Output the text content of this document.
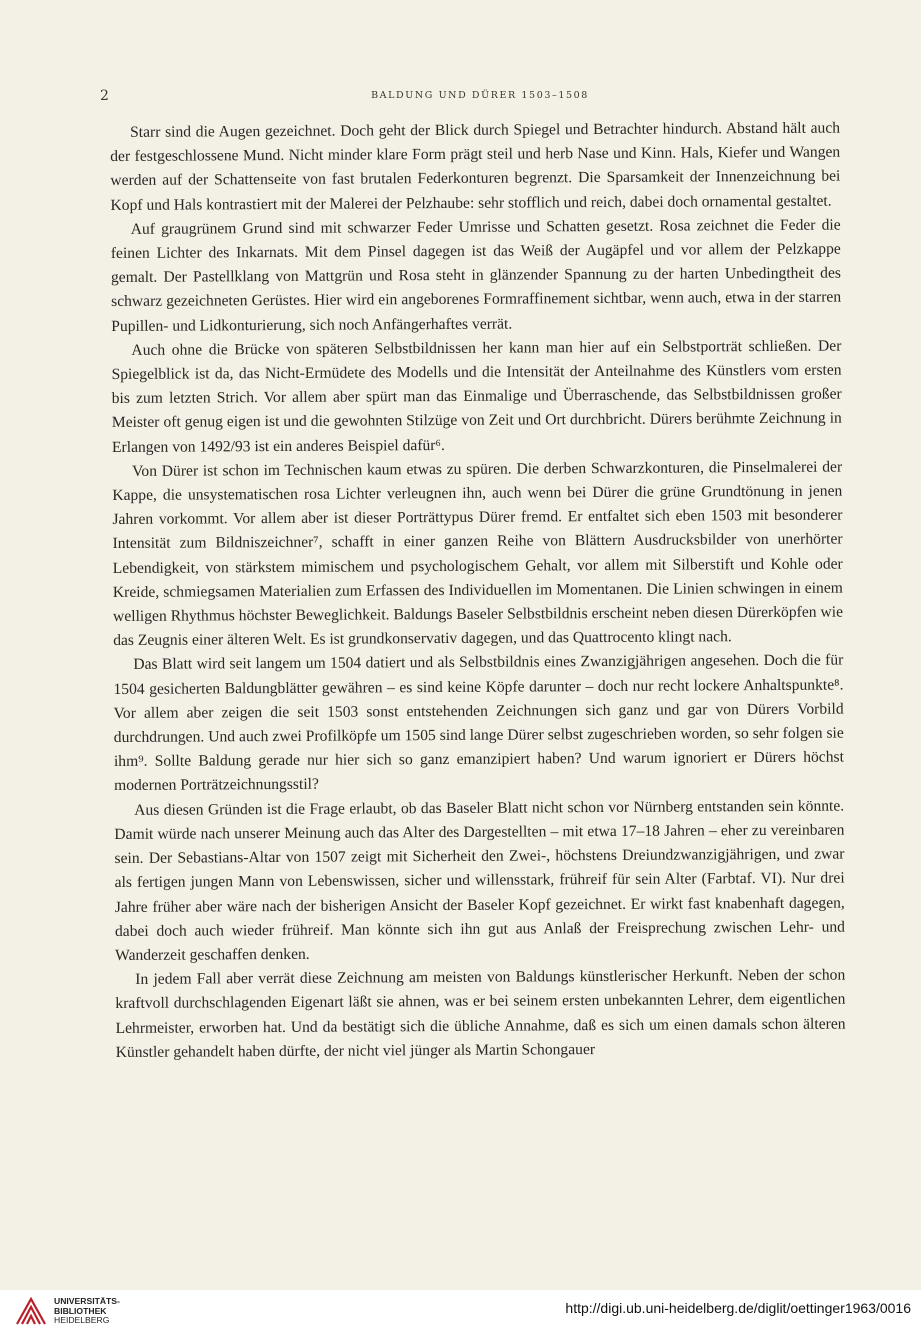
2	BALDUNG UND DÜRER 1503–1508

Starr sind die Augen gezeichnet. Doch geht der Blick durch Spiegel und Betrachter hindurch. Abstand hält auch der festgeschlossene Mund. Nicht minder klare Form prägt steil und herb Nase und Kinn. Hals, Kiefer und Wangen werden auf der Schattenseite von fast brutalen Federkonturen begrenzt. Die Sparsamkeit der Innenzeichnung bei Kopf und Hals kontrastiert mit der Malerei der Pelzhaube: sehr stofflich und reich, dabei doch ornamental gestaltet.

Auf graugrünem Grund sind mit schwarzer Feder Umrisse und Schatten gesetzt. Rosa zeichnet die Feder die feinen Lichter des Inkarnats. Mit dem Pinsel dagegen ist das Weiß der Augäpfel und vor allem der Pelzkappe gemalt. Der Pastellklang von Mattgrün und Rosa steht in glänzender Spannung zu der harten Unbedingtheit des schwarz gezeichneten Gerüstes. Hier wird ein angeborenes Formraffinement sichtbar, wenn auch, etwa in der starren Pupillen- und Lidkonturierung, sich noch Anfängerhaftes verrät.

Auch ohne die Brücke von späteren Selbstbildnissen her kann man hier auf ein Selbstporträt schließen. Der Spiegelblick ist da, das Nicht-Ermüdete des Modells und die Intensität der Anteilnahme des Künstlers vom ersten bis zum letzten Strich. Vor allem aber spürt man das Einmalige und Überraschende, das Selbstbildnissen großer Meister oft genug eigen ist und die gewohnten Stilzüge von Zeit und Ort durchbricht. Dürers berühmte Zeichnung in Erlangen von 1492/93 ist ein anderes Beispiel dafür⁶.

Von Dürer ist schon im Technischen kaum etwas zu spüren. Die derben Schwarzkonturen, die Pinselmalerei der Kappe, die unsystematischen rosa Lichter verleugnen ihn, auch wenn bei Dürer die grüne Grundtönung in jenen Jahren vorkommt. Vor allem aber ist dieser Porträttypus Dürer fremd. Er entfaltet sich eben 1503 mit besonderer Intensität zum Bildniszeichner⁷, schafft in einer ganzen Reihe von Blättern Ausdrucksbilder von unerhörter Lebendigkeit, von stärkstem mimischem und psychologischem Gehalt, vor allem mit Silberstift und Kohle oder Kreide, schmiegsamen Materialien zum Erfassen des Individuellen im Momentanen. Die Linien schwingen in einem welligen Rhythmus höchster Beweglichkeit. Baldungs Baseler Selbstbildnis erscheint neben diesen Dürerköpfen wie das Zeugnis einer älteren Welt. Es ist grundkonservativ dagegen, und das Quattrocento klingt nach.

Das Blatt wird seit langem um 1504 datiert und als Selbstbildnis eines Zwanzigjährigen angesehen. Doch die für 1504 gesicherten Baldungblätter gewähren – es sind keine Köpfe darunter – doch nur recht lockere Anhaltspunkte⁸. Vor allem aber zeigen die seit 1503 sonst entstehenden Zeichnungen sich ganz und gar von Dürers Vorbild durchdrungen. Und auch zwei Profilköpfe um 1505 sind lange Dürer selbst zugeschrieben worden, so sehr folgen sie ihm⁹. Sollte Baldung gerade nur hier sich so ganz emanzipiert haben? Und warum ignoriert er Dürers höchst modernen Porträtzeichnungsstil?

Aus diesen Gründen ist die Frage erlaubt, ob das Baseler Blatt nicht schon vor Nürnberg entstanden sein könnte. Damit würde nach unserer Meinung auch das Alter des Dargestellten – mit etwa 17–18 Jahren – eher zu vereinbaren sein. Der Sebastians-Altar von 1507 zeigt mit Sicherheit den Zwei-, höchstens Dreiundzwanzigjährigen, und zwar als fertigen jungen Mann von Lebenswissen, sicher und willensstark, frühreif für sein Alter (Farbtaf. VI). Nur drei Jahre früher aber wäre nach der bisherigen Ansicht der Baseler Kopf gezeichnet. Er wirkt fast knabenhaft dagegen, dabei doch auch wieder frühreif. Man könnte sich ihn gut aus Anlaß der Freisprechung zwischen Lehr- und Wanderzeit geschaffen denken.

In jedem Fall aber verrät diese Zeichnung am meisten von Baldungs künstlerischer Herkunft. Neben der schon kraftvoll durchschlagenden Eigenart läßt sie ahnen, was er bei seinem ersten unbekannten Lehrer, dem eigentlichen Lehrmeister, erworben hat. Und da bestätigt sich die übliche Annahme, daß es sich um einen damals schon älteren Künstler gehandelt haben dürfte, der nicht viel jünger als Martin Schongauer

UNIVERSITÄTS-
BIBLIOTHEK
HEIDELBERG
http://digi.ub.uni-heidelberg.de/diglit/oettinger1963/0016
